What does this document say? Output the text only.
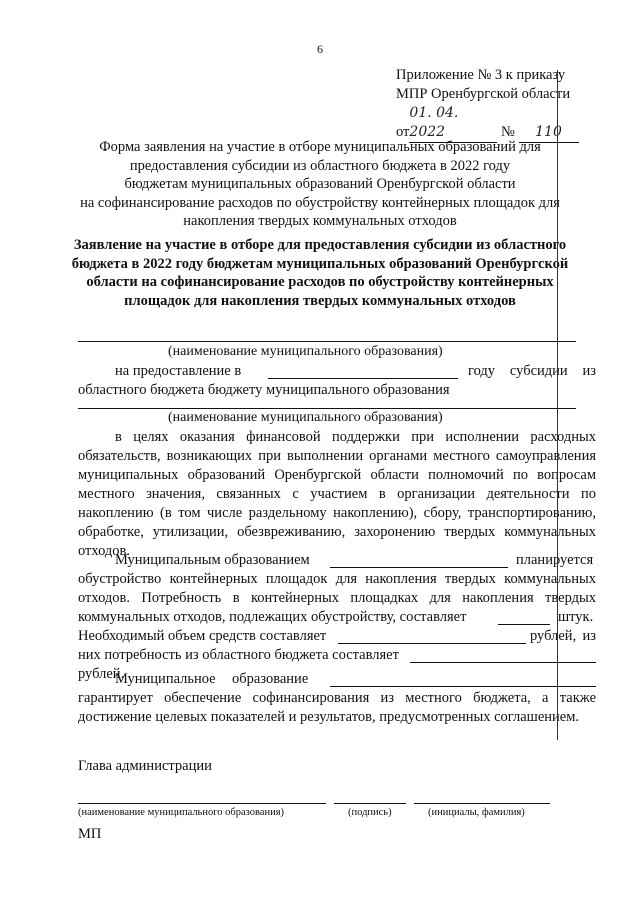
6
Приложение № 3 к приказу
МПР Оренбургской области
от01. 04. 2022	№ 110
Форма заявления на участие в отборе муниципальных образований для
предоставления субсидии из областного бюджета в 2022 году
бюджетам муниципальных образований Оренбургской области
на софинансирование расходов по обустройству контейнерных площадок для
накопления твердых коммунальных отходов
Заявление на участие в отборе для предоставления субсидии из областного
бюджета в 2022 году бюджетам муниципальных образований Оренбургской
области на софинансирование расходов по обустройству контейнерных
площадок для накопления твердых коммунальных отходов
(наименование муниципального образования)
на предоставление в	году субсидии из
областного бюджета бюджету муниципального образования
(наименование муниципального образования)
в целях оказания финансовой поддержки при исполнении расходных обязательств, возникающих при выполнении органами местного самоуправления муниципальных образований Оренбургской области полномочий по вопросам местного значения, связанных с участием в организации деятельности по накоплению (в том числе раздельному накоплению), сбору, транспортированию, обработке, утилизации, обезвреживанию, захоронению твердых коммунальных отходов.
Муниципальным образованием	планируется
обустройство контейнерных площадок для накопления твердых коммунальных
отходов. Потребность в контейнерных площадках для накопления твердых
коммунальных отходов, подлежащих обустройству, составляет	штук.
Необходимый объем средств составляет	рублей, из
них потребность из областного бюджета составляет
рублей.
Муниципальное образование
гарантирует обеспечение софинансирования из местного бюджета, а также
достижение целевых показателей и результатов, предусмотренных соглашением.
Глава администрации
(наименование муниципального образования)	(подпись)	(инициалы, фамилия)
МП
